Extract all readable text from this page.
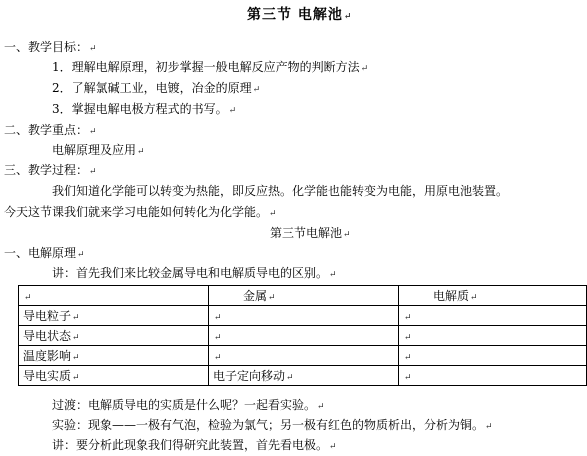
第三节 电解池↵
一、教学目标：↵
1．理解电解原理，初步掌握一般电解反应产物的判断方法↵
2．了解氯碱工业，电镀，冶金的原理↵
3．掌握电解电极方程式的书写。↵
二、教学重点：↵
电解原理及应用↵
三、教学过程：↵
我们知道化学能可以转变为热能，即反应热。化学能也能转变为电能，用原电池装置。
今天这节课我们就来学习电能如何转化为化学能。↵
第三节电解池↵
一、电解原理↵
讲：首先我们来比较金属导电和电解质导电的区别。↵
↵	金属↵	电解质↵
导电粒子↵	↵	↵
导电状态↵	↵	↵
温度影响↵	↵	↵
导电实质↵	电子定向移动↵	↵
过渡：电解质导电的实质是什么呢？一起看实验。↵
实验：现象——一极有气泡，检验为氯气；另一极有红色的物质析出，分析为铜。↵
讲：要分析此现象我们得研究此装置，首先看电极。↵
